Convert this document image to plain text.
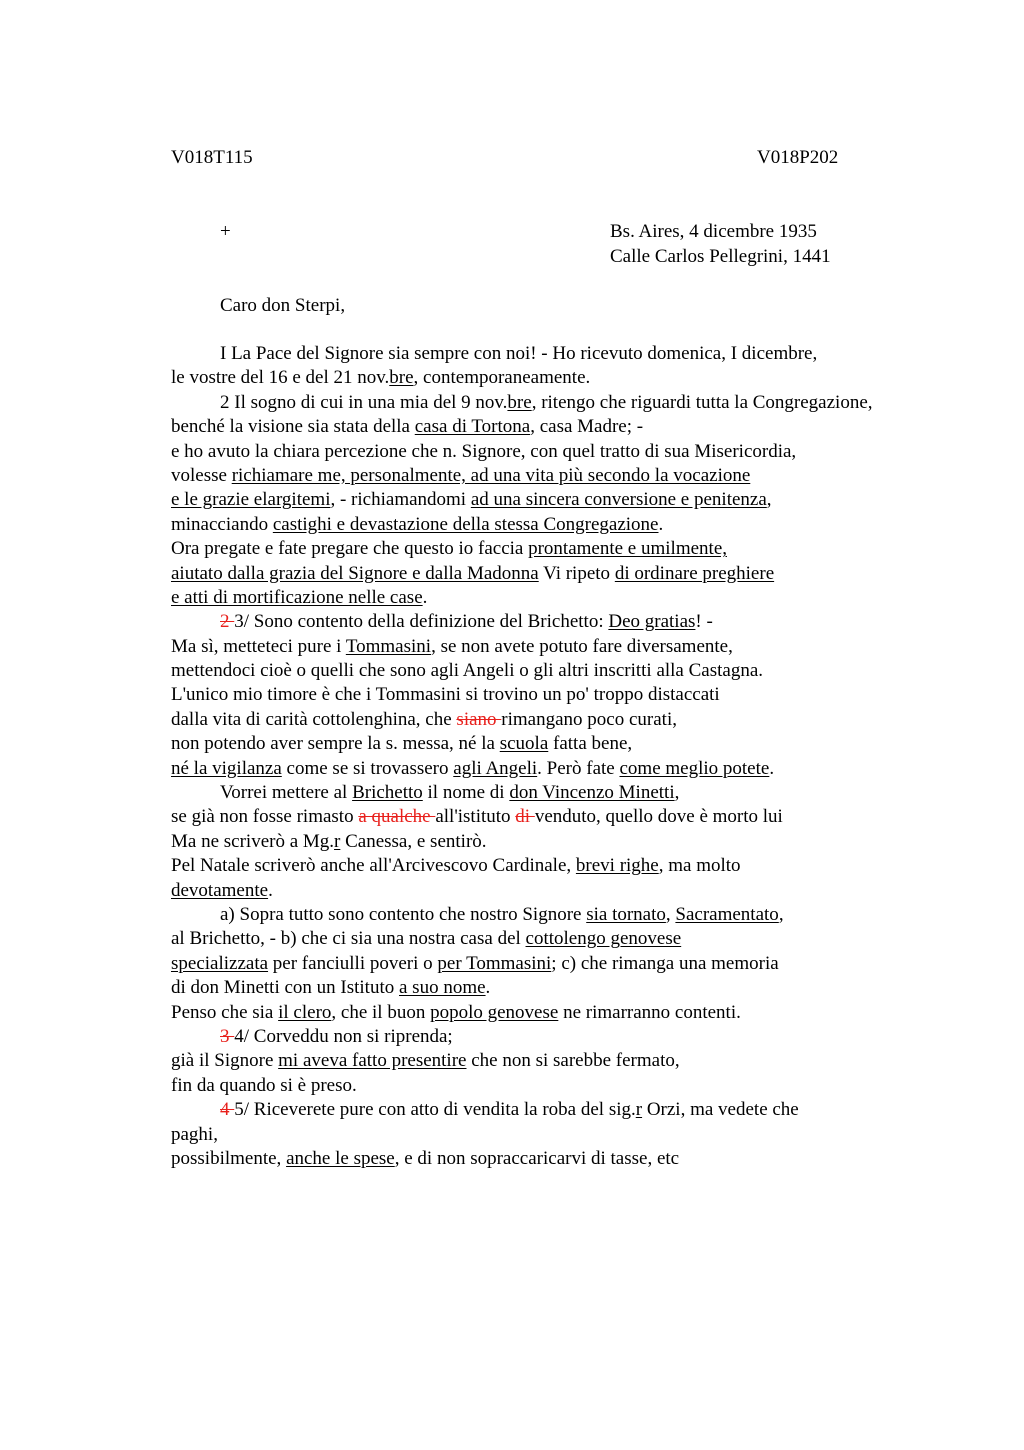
V018T115	V018P202
+	Bs. Aires, 4 dicembre 1935
Calle Carlos Pellegrini, 1441
Caro don Sterpi,
I La Pace del Signore sia sempre con noi! - Ho ricevuto domenica, I dicembre,
le vostre del 16 e del 21 nov.bre, contemporaneamente.
2 Il sogno di cui in una mia del 9 nov.bre, ritengo che riguardi tutta la Congregazione,
benché la visione sia stata della casa di Tortona, casa Madre; -
e ho avuto la chiara percezione che n. Signore, con quel tratto di sua Misericordia,
volesse richiamare me, personalmente, ad una vita più secondo la vocazione
e le grazie elargitemi, - richiamandomi ad una sincera conversione e penitenza,
minacciando castighi e devastazione della stessa Congregazione.
Ora pregate e fate pregare che questo io faccia prontamente e umilmente,
aiutato dalla grazia del Signore e dalla Madonna Vi ripeto di ordinare preghiere
e atti di mortificazione nelle case.
2 3/ Sono contento della definizione del Brichetto: Deo gratias! -
Ma sì, metteteci pure i Tommasini, se non avete potuto fare diversamente,
mettendoci cioè o quelli che sono agli Angeli o gli altri inscritti alla Castagna.
L'unico mio timore è che i Tommasini si trovino un po' troppo distaccati
dalla vita di carità cottolenghina, che siano rimangano poco curati,
non potendo aver sempre la s. messa, né la scuola fatta bene,
né la vigilanza come se si trovassero agli Angeli. Però fate come meglio potete.
Vorrei mettere al Brichetto il nome di don Vincenzo Minetti,
se già non fosse rimasto a qualche all'istituto di venduto, quello dove è morto lui
Ma ne scriverò a Mg.r Canessa, e sentirò.
Pel Natale scriverò anche all'Arcivescovo Cardinale, brevi righe, ma molto
devotamente.
a) Sopra tutto sono contento che nostro Signore sia tornato, Sacramentato,
al Brichetto, - b) che ci sia una nostra casa del cottolengo genovese
specializzata per fanciulli poveri o per Tommasini; c) che rimanga una memoria
di don Minetti con un Istituto a suo nome.
Penso che sia il clero, che il buon popolo genovese ne rimarranno contenti.
3 4/ Corveddu non si riprenda;
già il Signore mi aveva fatto presentire che non si sarebbe fermato,
fin da quando si è preso.
4 5/ Riceverete pure con atto di vendita la roba del sig.r Orzi, ma vedete che
paghi,
possibilmente, anche le spese, e di non sopraccaricarvi di tasse, etc
